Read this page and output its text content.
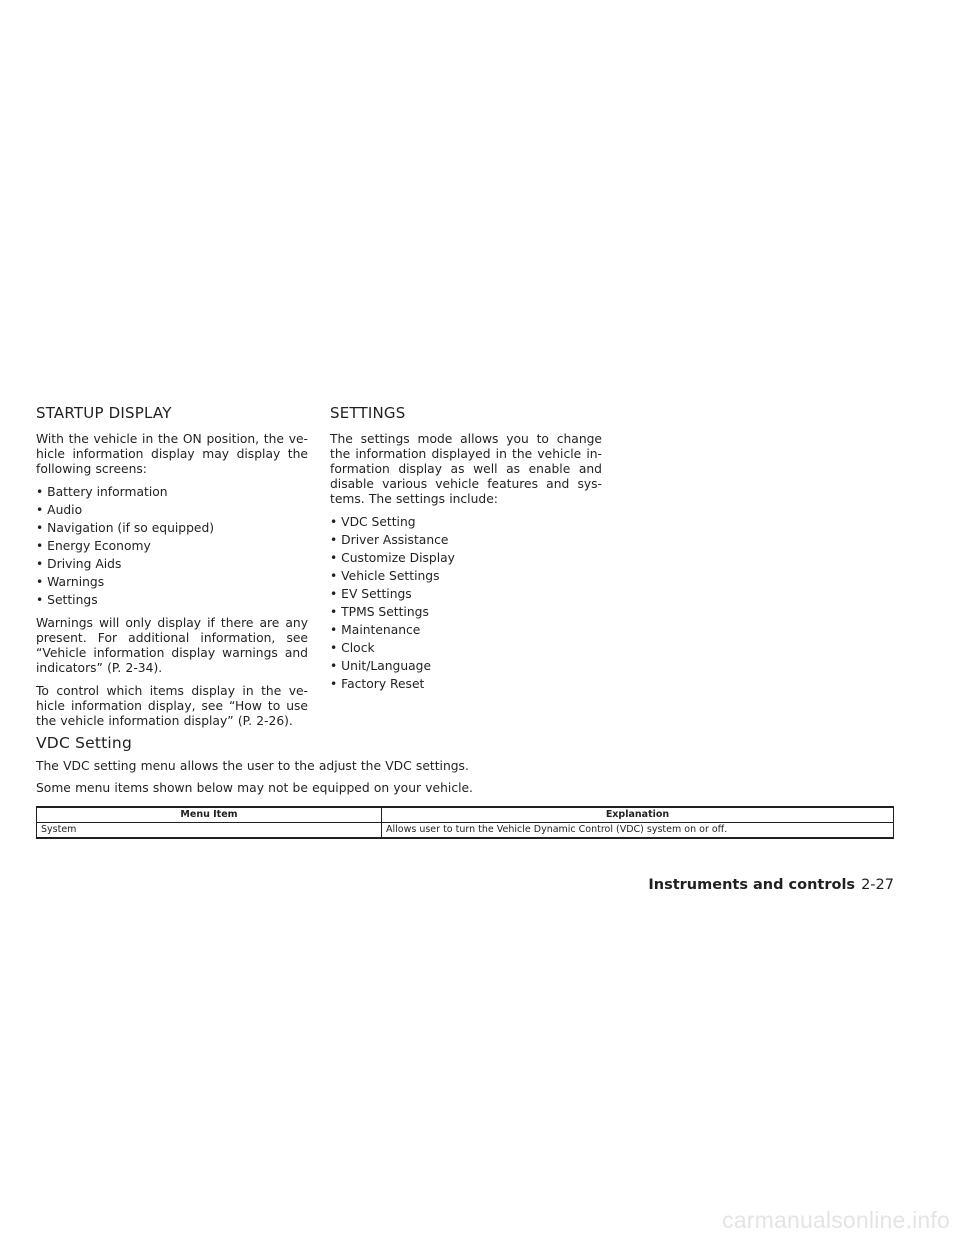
STARTUP DISPLAY

With the vehicle in the ON position, the ve- hicle information display may display the following screens:

• Battery information
• Audio
• Navigation (if so equipped)
• Energy Economy
• Driving Aids
• Warnings
• Settings

Warnings will only display if there are any present. For additional information, see “Vehicle information display warnings and indicators” (P. 2-34).

To control which items display in the ve- hicle information display, see “How to use the vehicle information display” (P. 2-26).

SETTINGS

The settings mode allows you to change the information displayed in the vehicle in- formation display as well as enable and disable various vehicle features and sys- tems. The settings include:

• VDC Setting
• Driver Assistance
• Customize Display
• Vehicle Settings
• EV Settings
• TPMS Settings
• Maintenance
• Clock
• Unit/Language
• Factory Reset
VDC Setting

The VDC setting menu allows the user to the adjust the VDC settings.

Some menu items shown below may not be equipped on your vehicle.

Menu Item	Explanation
System	Allows user to turn the Vehicle Dynamic Control (VDC) system on or off.
Instruments and controls 2-27
carmanualsonline.info
